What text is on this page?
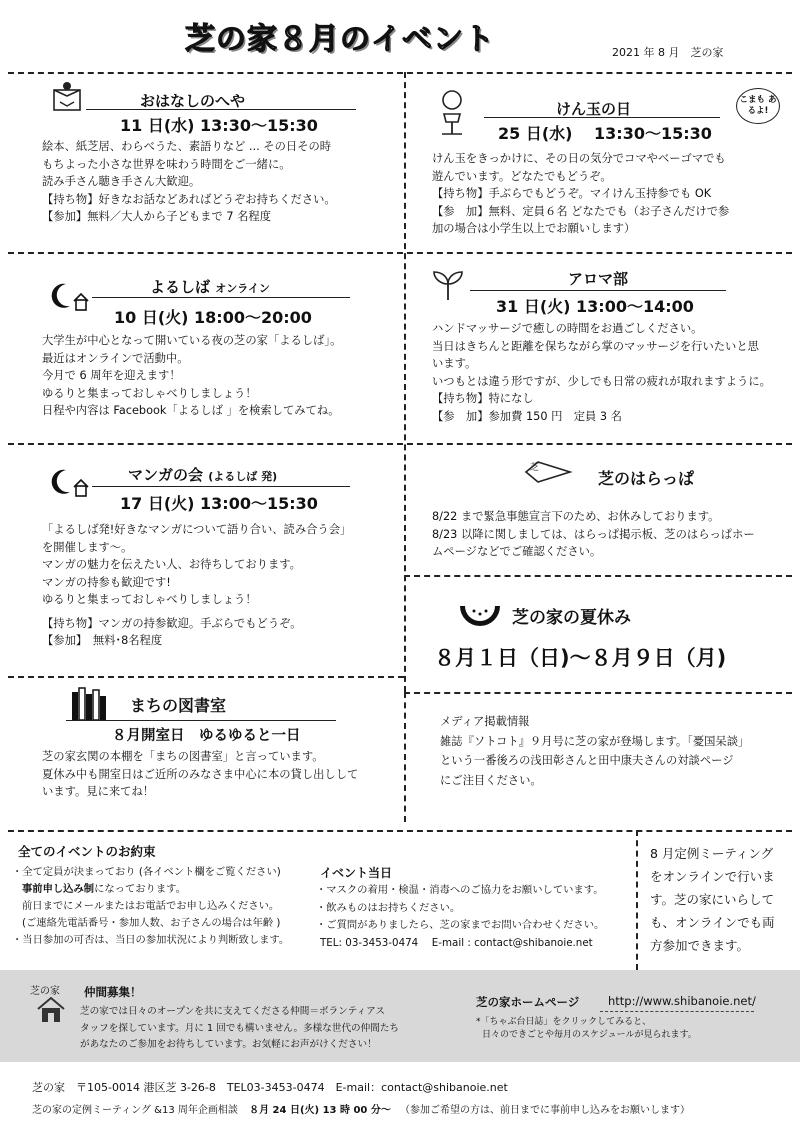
芝の家８月のイベント	2021 年 8 月　芝の家
おはなしのへや
11 日(水) 13:30〜15:30
絵本、紙芝居、わらべうた、素語りなど ... その日その時
もちよった小さな世界を味わう時間をご一緒に。
読み手さん聴き手さん大歓迎。
【持ち物】好きなお話などあればどうぞお持ちください。
【参加】無料／大人から子どもまで 7 名程度
けん玉の日	こまも あるよ!
25 日(水)　 13:30〜15:30
けん玉をきっかけに、その日の気分でコマやベーゴマでも
遊んでいます。どなたでもどうぞ。
【持ち物】手ぶらでもどうぞ。マイけん玉持参でも OK
【参　加】無料、定員６名 どなたでも（お子さんだけで参
加の場合は小学生以上でお願いします）
よるしば オンライン
10 日(火) 18:00〜20:00
大学生が中心となって開いている夜の芝の家「よるしば」。
最近はオンラインで活動中。
今月で 6 周年を迎えます！
ゆるりと集まっておしゃべりしましょう！
日程や内容は Facebook「よるしば 」を検索してみてね。
アロマ部
31 日(火) 13:00〜14:00
ハンドマッサージで癒しの時間をお過ごしください。
当日はきちんと距離を保ちながら掌のマッサージを行いたいと思
います。
いつもとは違う形ですが、少しでも日常の疲れが取れますように。
【持ち物】特になし
【参　加】参加費 150 円　定員 3 名
マンガの会 (よるしば 発)
17 日(火) 13:00〜15:30
「よるしば発!好きなマンガについて語り合い、読み合う会」
を開催します〜。
マンガの魅力を伝えたい人、お待ちしております。
マンガの持参も歓迎です!
ゆるりと集まっておしゃべりしましょう！
【持ち物】マンガの持参歓迎。手ぶらでもどうぞ。
【参加】　無料･8名程度
芝
芝のはらっぱ
8/22 まで緊急事態宣言下のため、お休みしております。
8/23 以降に関しましては、はらっぱ掲示板、芝のはらっぱホー
ムページなどでご確認ください。
芝の家の夏休み
８月１日（日)〜８月９日（月)
まちの図書室
８月開室日　ゆるゆると一日
芝の家玄関の本棚を「まちの図書室」と言っています。
夏休み中も開室日はご近所のみなさま中心に本の貸し出しして
います。見に来てね！
メディア掲載情報
雑誌『ソトコト』９月号に芝の家が登場します。「憂国呆談」
という一番後ろの浅田彰さんと田中康夫さんの対談ページ
にご注目ください。
全てのイベントのお約束
・全て定員が決まっており (各イベント欄をご覧ください)
事前申し込み制になっております。
前日までにメールまたはお電話でお申し込みください。
(ご連絡先電話番号・参加人数、お子さんの場合は年齢 )
・当日参加の可否は、当日の参加状況により判断致します。
イベント当日
・マスクの着用・検温・消毒へのご協力をお願いしています。
・飲みものはお持ちください。
・ご質問がありましたら、芝の家までお問い合わせください。
TEL: 03-3453-0474　 E-mail : contact@shibanoie.net
8 月定例ミーティング
をオンラインで行いま
す。芝の家にいらして
も、オンラインでも両
方参加できます。
芝の家 仲間募集！
芝の家では日々のオープンを共に支えてくださる仲間＝ボランティアス
タッフを探しています。月に 1 回でも構いません。多様な世代の仲間たち
があなたのご参加をお待ちしています。お気軽にお声がけください！
芝の家ホームページ http://www.shibanoie.net/
*「ちゃぶ台日誌」をクリックしてみると、
日々のできごとや毎月のスケジュールが見られます。
芝の家　〒105-0014 港区芝 3-26-8　TEL03-3453-0474　E-mail：contact@shibanoie.net
芝の家の定例ミーティング &13 周年企画相談 ８月 24 日(火) 13 時 00 分〜 （参加ご希望の方は、前日までに事前申し込みをお願いします）
